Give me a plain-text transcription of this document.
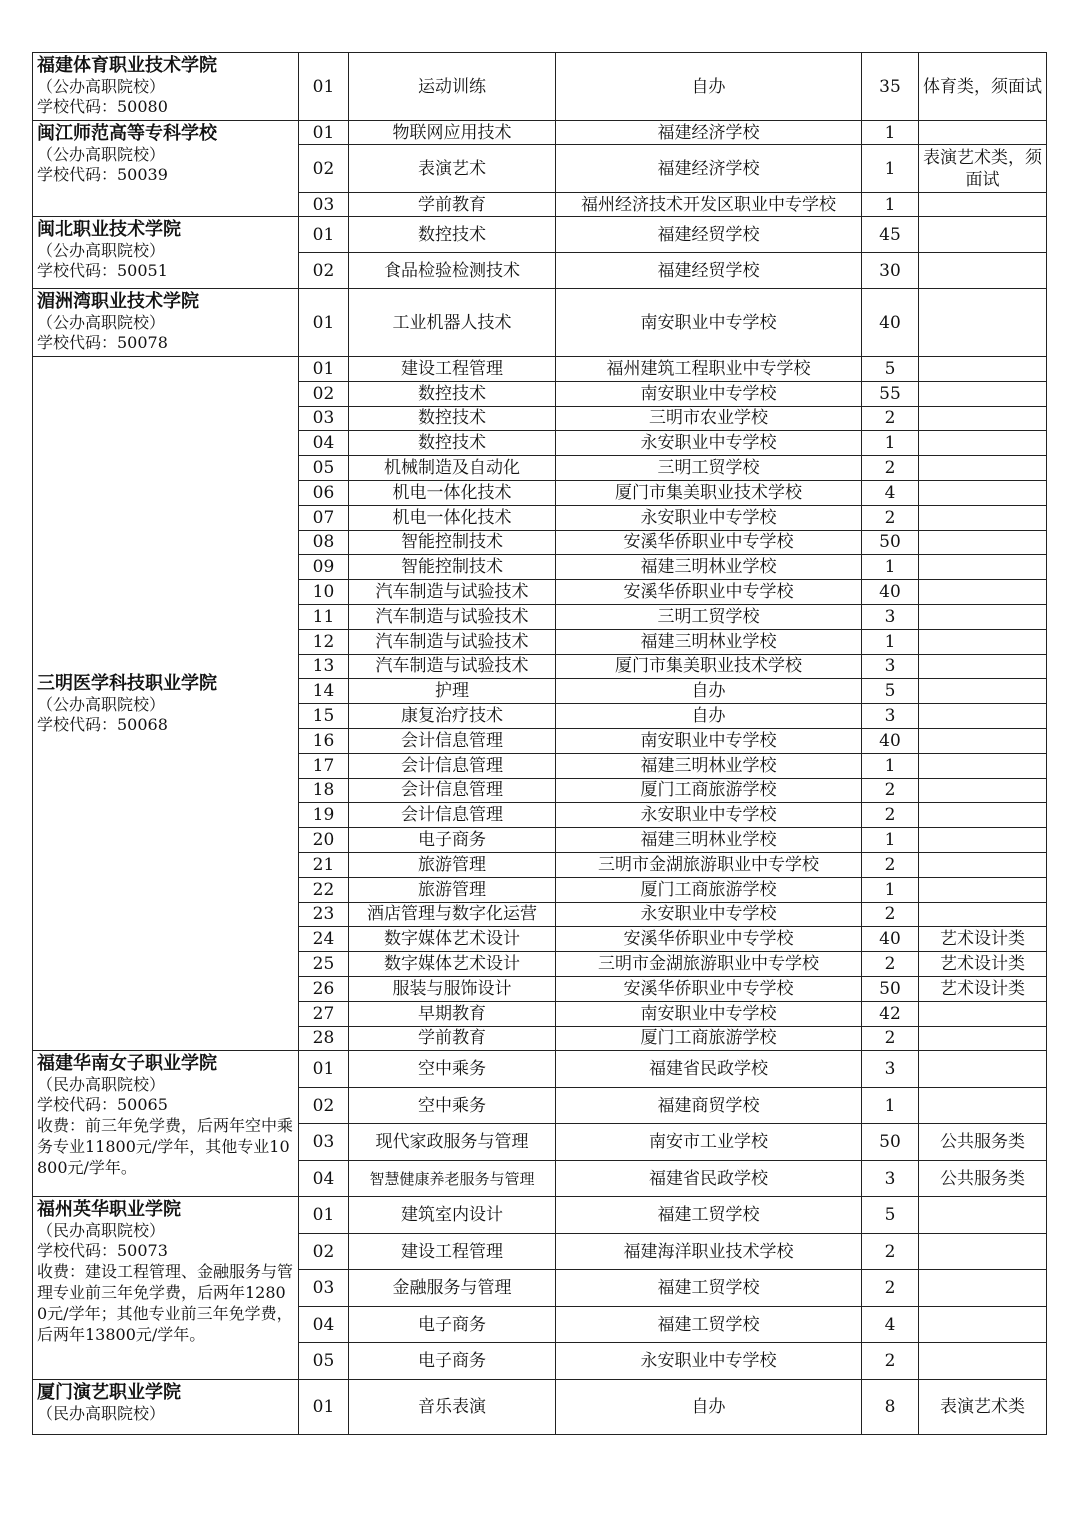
福建体育职业技术学院
（公办高职院校）
学校代码：50080	01	运动训练	自办	35	体育类，须面试

闽江师范高等专科学校
（公办高职院校）
学校代码：50039	01	物联网应用技术	福建经济学校	1	
	02	表演艺术	福建经济学校	1	表演艺术类，须面试
	03	学前教育	福州经济技术开发区职业中专学校	1	

闽北职业技术学院
（公办高职院校）
学校代码：50051	01	数控技术	福建经贸学校	45	
	02	食品检验检测技术	福建经贸学校	30	

湄洲湾职业技术学院
（公办高职院校）
学校代码：50078	01	工业机器人技术	南安职业中专学校	40	

三明医学科技职业学院
（公办高职院校）
学校代码：50068	01	建设工程管理	福州建筑工程职业中专学校	5	
	02	数控技术	南安职业中专学校	55	
	03	数控技术	三明市农业学校	2	
	04	数控技术	永安职业中专学校	1	
	05	机械制造及自动化	三明工贸学校	2	
	06	机电一体化技术	厦门市集美职业技术学校	4	
	07	机电一体化技术	永安职业中专学校	2	
	08	智能控制技术	安溪华侨职业中专学校	50	
	09	智能控制技术	福建三明林业学校	1	
	10	汽车制造与试验技术	安溪华侨职业中专学校	40	
	11	汽车制造与试验技术	三明工贸学校	3	
	12	汽车制造与试验技术	福建三明林业学校	1	
	13	汽车制造与试验技术	厦门市集美职业技术学校	3	
	14	护理	自办	5	
	15	康复治疗技术	自办	3	
	16	会计信息管理	南安职业中专学校	40	
	17	会计信息管理	福建三明林业学校	1	
	18	会计信息管理	厦门工商旅游学校	2	
	19	会计信息管理	永安职业中专学校	2	
	20	电子商务	福建三明林业学校	1	
	21	旅游管理	三明市金湖旅游职业中专学校	2	
	22	旅游管理	厦门工商旅游学校	1	
	23	酒店管理与数字化运营	永安职业中专学校	2	
	24	数字媒体艺术设计	安溪华侨职业中专学校	40	艺术设计类
	25	数字媒体艺术设计	三明市金湖旅游职业中专学校	2	艺术设计类
	26	服装与服饰设计	安溪华侨职业中专学校	50	艺术设计类
	27	早期教育	南安职业中专学校	42	
	28	学前教育	厦门工商旅游学校	2	

福建华南女子职业学院
（民办高职院校）
学校代码：50065
收费：前三年免学费，后两年空中乘务专业11800元/学年，其他专业10800元/学年。	01	空中乘务	福建省民政学校	3	
	02	空中乘务	福建商贸学校	1	
	03	现代家政服务与管理	南安市工业学校	50	公共服务类
	04	智慧健康养老服务与管理	福建省民政学校	3	公共服务类

福州英华职业学院
（民办高职院校）
学校代码：50073
收费：建设工程管理、金融服务与管理专业前三年免学费，后两年12800元/学年；其他专业前三年免学费，后两年13800元/学年。	01	建筑室内设计	福建工贸学校	5	
	02	建设工程管理	福建海洋职业技术学校	2	
	03	金融服务与管理	福建工贸学校	2	
	04	电子商务	福建工贸学校	4	
	05	电子商务	永安职业中专学校	2	

厦门演艺职业学院
（民办高职院校）	01	音乐表演	自办	8	表演艺术类
